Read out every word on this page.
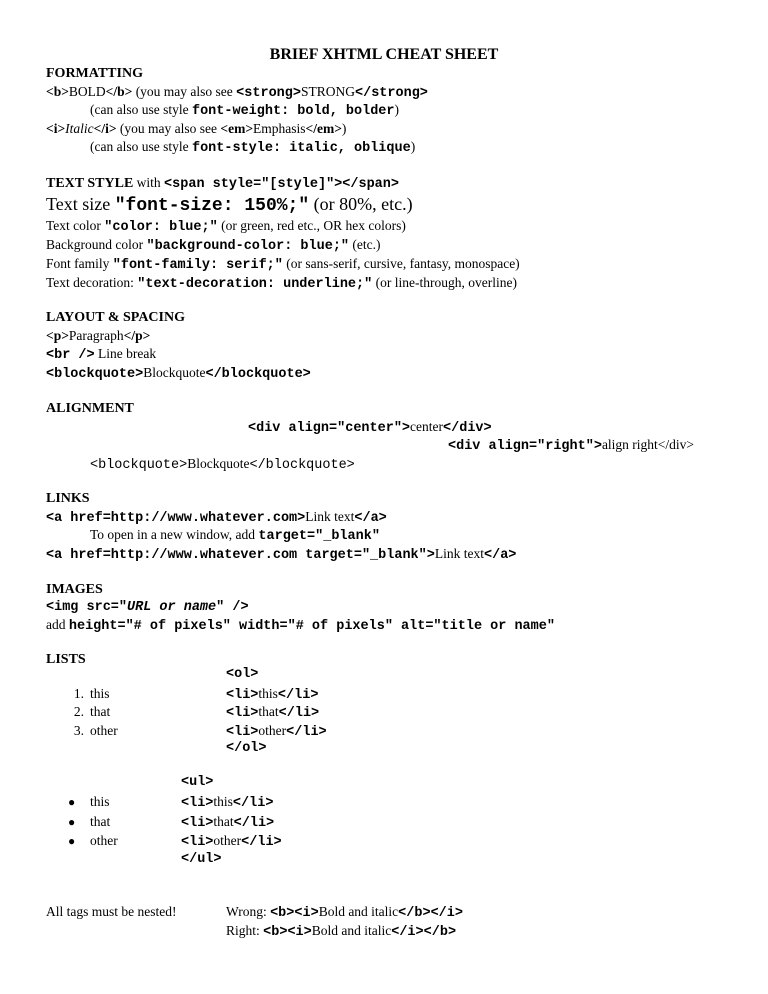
BRIEF XHTML CHEAT SHEET
FORMATTING
<b>BOLD</b> (you may also see <strong>STRONG</strong>
(can also use style font-weight: bold, bolder)
<i>Italic</i> (you may also see <em>Emphasis</em>)
(can also use style font-style: italic, oblique)
TEXT STYLE with <span style="[style]"></span>
Text size "font-size: 150%;" (or 80%, etc.)
Text color "color: blue;" (or green, red etc., OR hex colors)
Background color "background-color: blue;" (etc.)
Font family "font-family: serif;" (or sans-serif, cursive, fantasy, monospace)
Text decoration: "text-decoration: underline;" (or line-through, overline)
LAYOUT & SPACING
<p>Paragraph</p>
<br /> Line break
<blockquote>Blockquote</blockquote>
ALIGNMENT
<div align="center">center</div>
<div align="right">align right</div>
<blockquote>Blockquote</blockquote>
LINKS
<a href=http://www.whatever.com>Link text</a>
To open in a new window, add target="_blank"
<a href=http://www.whatever.com target="_blank">Link text</a>
IMAGES
<img src="URL or name" />
add height="# of pixels" width="# of pixels" alt="title or name"
LISTS
<ol>
1. this	<li>this</li>
2. that	<li>that</li>
3. other	<li>other</li>
</ol>
<ul>
● this	<li>this</li>
● that	<li>that</li>
● other	<li>other</li>
</ul>
All tags must be nested!	Wrong: <b><i>Bold and italic</b></i>
Right: <b><i>Bold and italic</i></b>
